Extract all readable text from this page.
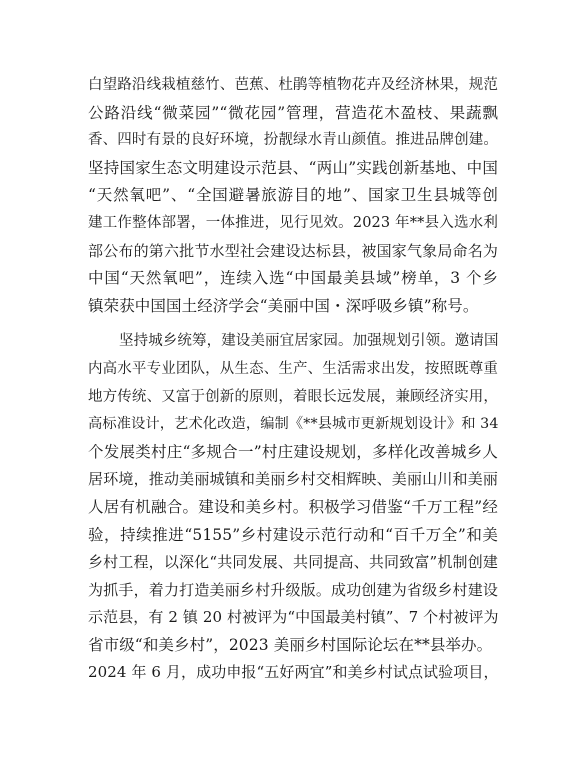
白望路沿线栽植慈竹、芭蕉、杜鹃等植物花卉及经济林果，规范
公路沿线“微菜园”“微花园”管理，营造花木盈枝、果蔬飘
香、四时有景的良好环境，扮靓绿水青山颜值。推进品牌创建。
坚持国家生态文明建设示范县、“两山”实践创新基地、中国
“天然氧吧”、“全国避暑旅游目的地”、国家卫生县城等创
建工作整体部署，一体推进，见行见效。2023 年**县入选水利
部公布的第六批节水型社会建设达标县，被国家气象局命名为
中国“天然氧吧”，连续入选“中国最美县域”榜单，3 个乡
镇荣获中国国土经济学会“美丽中国・深呼吸乡镇”称号。
坚持城乡统筹，建设美丽宜居家园。加强规划引领。邀请国
内高水平专业团队，从生态、生产、生活需求出发，按照既尊重
地方传统、又富于创新的原则，着眼长远发展，兼顾经济实用，
高标准设计，艺术化改造，编制《**县城市更新规划设计》和 34
个发展类村庄“多规合一”村庄建设规划，多样化改善城乡人
居环境，推动美丽城镇和美丽乡村交相辉映、美丽山川和美丽
人居有机融合。建设和美乡村。积极学习借鉴“千万工程”经
验，持续推进“5155”乡村建设示范行动和“百千万全”和美
乡村工程，以深化“共同发展、共同提高、共同致富”机制创建
为抓手，着力打造美丽乡村升级版。成功创建为省级乡村建设
示范县，有 2 镇 20 村被评为“中国最美村镇”、7 个村被评为
省市级“和美乡村”，2023 美丽乡村国际论坛在**县举办。
2024 年 6 月，成功申报“五好两宜”和美乡村试点试验项目，
